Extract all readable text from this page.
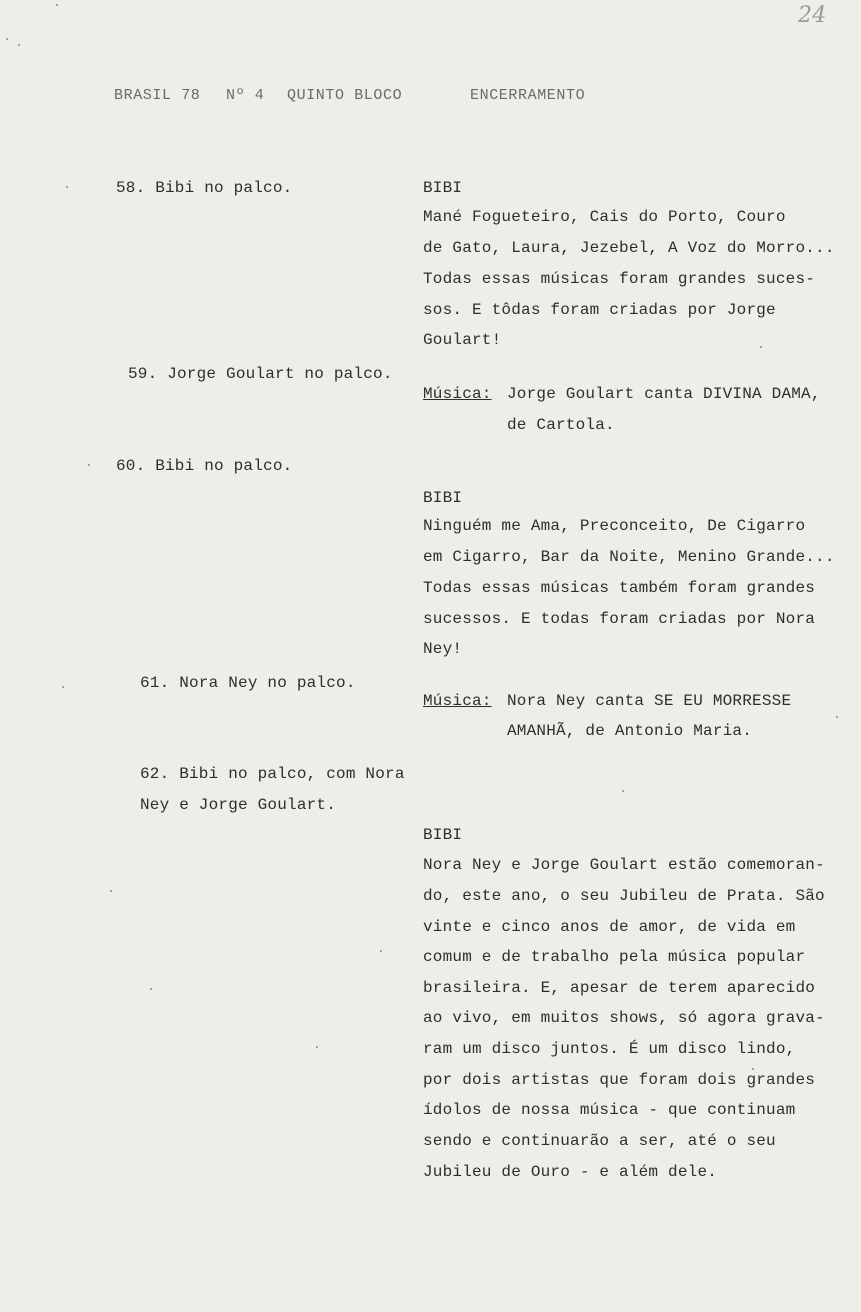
24
BRASIL 78 Nº 4 QUINTO BLOCO	ENCERRAMENTO
58. Bibi no palco.	BIBI
Mané Fogueteiro, Cais do Porto, Couro
de Gato, Laura, Jezebel, A Voz do Morro...
Todas essas músicas foram grandes suces-
sos. E tôdas foram criadas por Jorge
Goulart!
59. Jorge Goulart no palco.
Música: Jorge Goulart canta DIVINA DAMA,
de Cartola.
60. Bibi no palco.
BIBI
Ninguém me Ama, Preconceito, De Cigarro
em Cigarro, Bar da Noite, Menino Grande...
Todas essas músicas também foram grandes
sucessos. E todas foram criadas por Nora
Ney!
61. Nora Ney no palco.
Música: Nora Ney canta SE EU MORRESSE
AMANHÃ, de Antonio Maria.
62. Bibi no palco, com Nora
Ney e Jorge Goulart.
BIBI
Nora Ney e Jorge Goulart estão comemoran-
do, este ano, o seu Jubileu de Prata. São
vinte e cinco anos de amor, de vida em
comum e de trabalho pela música popular
brasileira. E, apesar de terem aparecido
ao vivo, em muitos shows, só agora grava-
ram um disco juntos. É um disco lindo,
por dois artistas que foram dois grandes
ídolos de nossa música - que continuam
sendo e continuarão a ser, até o seu
Jubileu de Ouro - e além dele.
